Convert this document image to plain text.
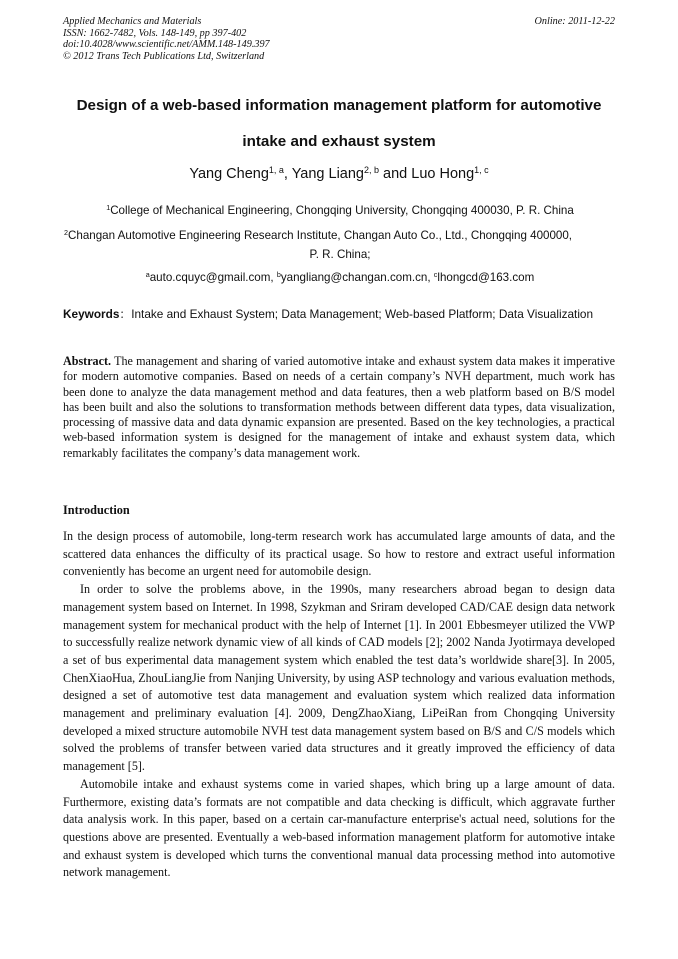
Applied Mechanics and Materials
ISSN: 1662-7482, Vols. 148-149, pp 397-402
doi:10.4028/www.scientific.net/AMM.148-149.397
© 2012 Trans Tech Publications Ltd, Switzerland
Online: 2011-12-22
Design of a web-based information management platform for automotive intake and exhaust system
Yang Cheng$^{1, a}$, Yang Liang$^{2, b}$ and Luo Hong$^{1, c}$
$^1$College of Mechanical Engineering, Chongqing University, Chongqing 400030, P. R. China
$^2$Changan Automotive Engineering Research Institute, Changan Auto Co., Ltd., Chongqing 400000,
P. R. China;
$^a$auto.cquyc@gmail.com, $^b$yangliang@changan.com.cn, $^c$lhongcd@163.com
Keywords：Intake and Exhaust System; Data Management; Web-based Platform; Data Visualization
Abstract. The management and sharing of varied automotive intake and exhaust system data makes it imperative for modern automotive companies. Based on needs of a certain company’s NVH department, much work has been done to analyze the data management method and data features, then a web platform based on B/S model has been built and also the solutions to transformation methods between different data types, data visualization, processing of massive data and data dynamic expansion are presented. Based on the key technologies, a practical web-based information system is designed for the management of intake and exhaust system data, which remarkably facilitates the company’s data management work.
Introduction

In the design process of automobile, long-term research work has accumulated large amounts of data, and the scattered data enhances the difficulty of its practical usage. So how to restore and extract useful information conveniently has become an urgent need for automobile design.

In order to solve the problems above, in the 1990s, many researchers abroad began to design data management system based on Internet. In 1998, Szykman and Sriram developed CAD/CAE design data network management system for mechanical product with the help of Internet [1]. In 2001 Ebbesmeyer utilized the VWP to successfully realize network dynamic view of all kinds of CAD models [2]; 2002 Nanda Jyotirmaya developed a set of bus experimental data management system which enabled the test data’s worldwide share[3]. In 2005, ChenXiaoHua, ZhouLiangJie from Nanjing University, by using ASP technology and various evaluation methods, designed a set of automotive test data management and evaluation system which realized data information management and preliminary evaluation [4]. 2009, DengZhaoXiang, LiPeiRan from Chongqing University developed a mixed structure automobile NVH test data management system based on B/S and C/S models which solved the problems of transfer between varied data structures and it greatly improved the efficiency of data management [5].

Automobile intake and exhaust systems come in varied shapes, which bring up a large amount of data. Furthermore, existing data’s formats are not compatible and data checking is difficult, which aggravate further data analysis work. In this paper, based on a certain car-manufacture enterprise's actual need, solutions for the questions above are presented. Eventually a web-based information management platform for automotive intake and exhaust system is developed which turns the conventional manual data processing method into automotive network management.
